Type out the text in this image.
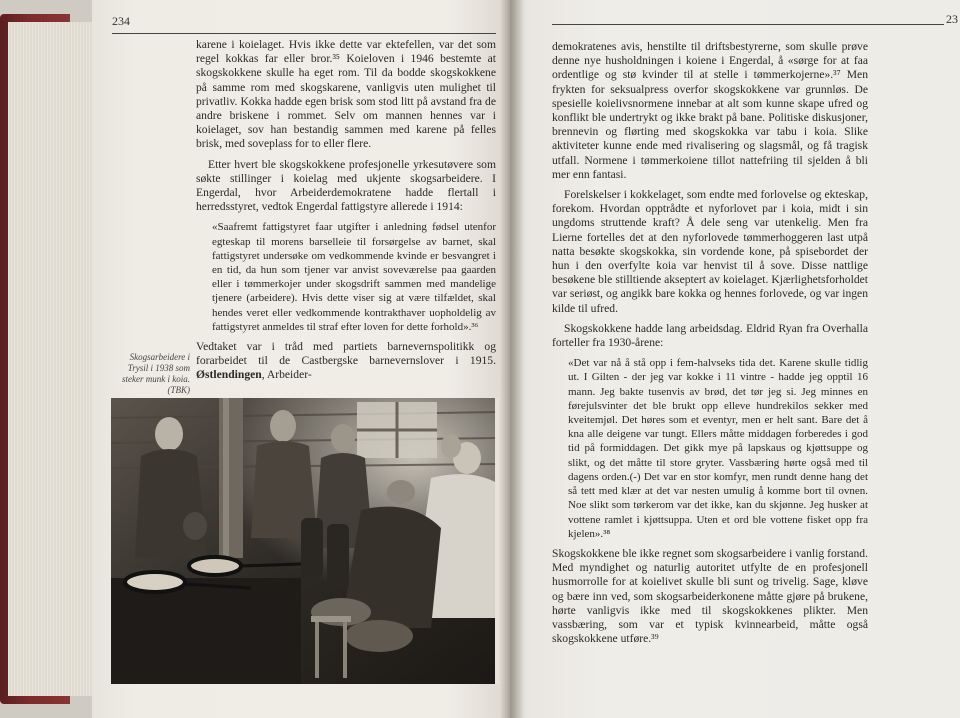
234

karene i koielaget. Hvis ikke dette var ektefellen, var det som regel kokkas far eller bror.³⁵ Koieloven i 1946 bestemte at skogskokkene skulle ha eget rom. Til da bodde skogskokkene på samme rom med skogskarene, vanligvis uten mulighet til privatliv. Kokka hadde egen brisk som stod litt på avstand fra de andre briskene i rommet. Selv om mannen hennes var i koielaget, sov han bestandig sammen med karene på felles brisk, med soveplass for to eller flere.

Etter hvert ble skogskokkene profesjonelle yrkesutøvere som søkte stillinger i koielag med ukjente skogsarbeidere. I Engerdal, hvor Arbeiderdemokratene hadde flertall i herredsstyret, vedtok Engerdal fattigstyre allerede i 1914:

«Saafremt fattigstyret faar utgifter i anledning fødsel utenfor egteskap til morens barselleie til forsørgelse av barnet, skal fattigstyret undersøke om vedkommende kvinde er besvangret i en tid, da hun som tjener var anvist soveværelse paa gaarden eller i tømmerkojer under skogsdrift sammen med mandelige tjenere (arbeidere). Hvis dette viser sig at være tilfældet, skal hendes veret eller vedkommende kontrakthaver uopholdelig av fattigstyret anmeldes til straf efter loven for dette forhold».³⁶

Vedtaket var i tråd med partiets barnevernspolitikk og forarbeidet til de Castbergske barnevernslover i 1915. Østlendingen, Arbeider-

Skogsarbeidere i Trysil i 1938 som steker munk i koia. (TBK)
23

demokratenes avis, henstilte til driftsbestyrerne, som skulle prøve denne nye husholdningen i koiene i Engerdal, å «sørge for at faa ordentlige og stø kvinder til at stelle i tømmerkojerne».³⁷ Men frykten for seksualpress overfor skogskokkene var grunnløs. De spesielle koielivsnormene innebar at alt som kunne skape ufred og konflikt ble undertrykt og ikke brakt på bane. Politiske diskusjoner, brennevin og flørting med skogskokka var tabu i koia. Slike aktiviteter kunne ende med rivalisering og slagsmål, og få tragisk utfall. Normene i tømmerkoiene tillot nattefriing til sjelden å bli mer enn fantasi.

Forelskelser i kokkelaget, som endte med forlovelse og ekteskap, forekom. Hvordan opptrådte et nyforlovet par i koia, midt i sin ungdoms struttende kraft? Å dele seng var utenkelig. Men fra Lierne fortelles det at den nyforlovede tømmerhoggeren last utpå natta besøkte skogskokka, sin vordende kone, på spisebordet der hun i den overfylte koia var henvist til å sove. Disse nattlige besøkene ble stilltiende akseptert av koielaget. Kjærlighetsforholdet var seriøst, og angikk bare kokka og hennes forlovede, og var ingen kilde til ufred.

Skogskokkene hadde lang arbeidsdag. Eldrid Ryan fra Overhalla forteller fra 1930-årene:

«Det var nå å stå opp i fem-halvseks tida det. Karene skulle tidlig ut. I Gilten - der jeg var kokke i 11 vintre - hadde jeg opptil 16 mann. Jeg bakte tusenvis av brød, det tør jeg si. Jeg minnes en førejulsvinter det ble brukt opp elleve hundrekilos sekker med kveitemjøl. Det høres som et eventyr, men er helt sant. Bare det å kna alle deigene var tungt. Ellers måtte middagen forberedes i god tid på formiddagen. Det gikk mye på lapskaus og kjøttsuppe og slikt, og det måtte til store gryter. Vassbæring hørte også med til dagens orden.(-) Det var en stor komfyr, men rundt denne hang det så tett med klær at det var nesten umulig å komme bort til ovnen. Noe slikt som tørkerom var det ikke, kan du skjønne. Jeg husker at vottene ramlet i kjøttsuppa. Uten et ord ble vottene fisket opp fra kjelen».³⁸

Skogskokkene ble ikke regnet som skogsarbeidere i vanlig forstand. Med myndighet og naturlig autoritet utfylte de en profesjonell husmorrolle for at koielivet skulle bli sunt og trivelig. Sage, kløve og bære inn ved, som skogsarbeiderkonene måtte gjøre på brukene, hørte vanligvis ikke med til skogskokkenes plikter. Men vassbæring, som var et typisk kvinnearbeid, måtte også skogskokkene utføre.³⁹
